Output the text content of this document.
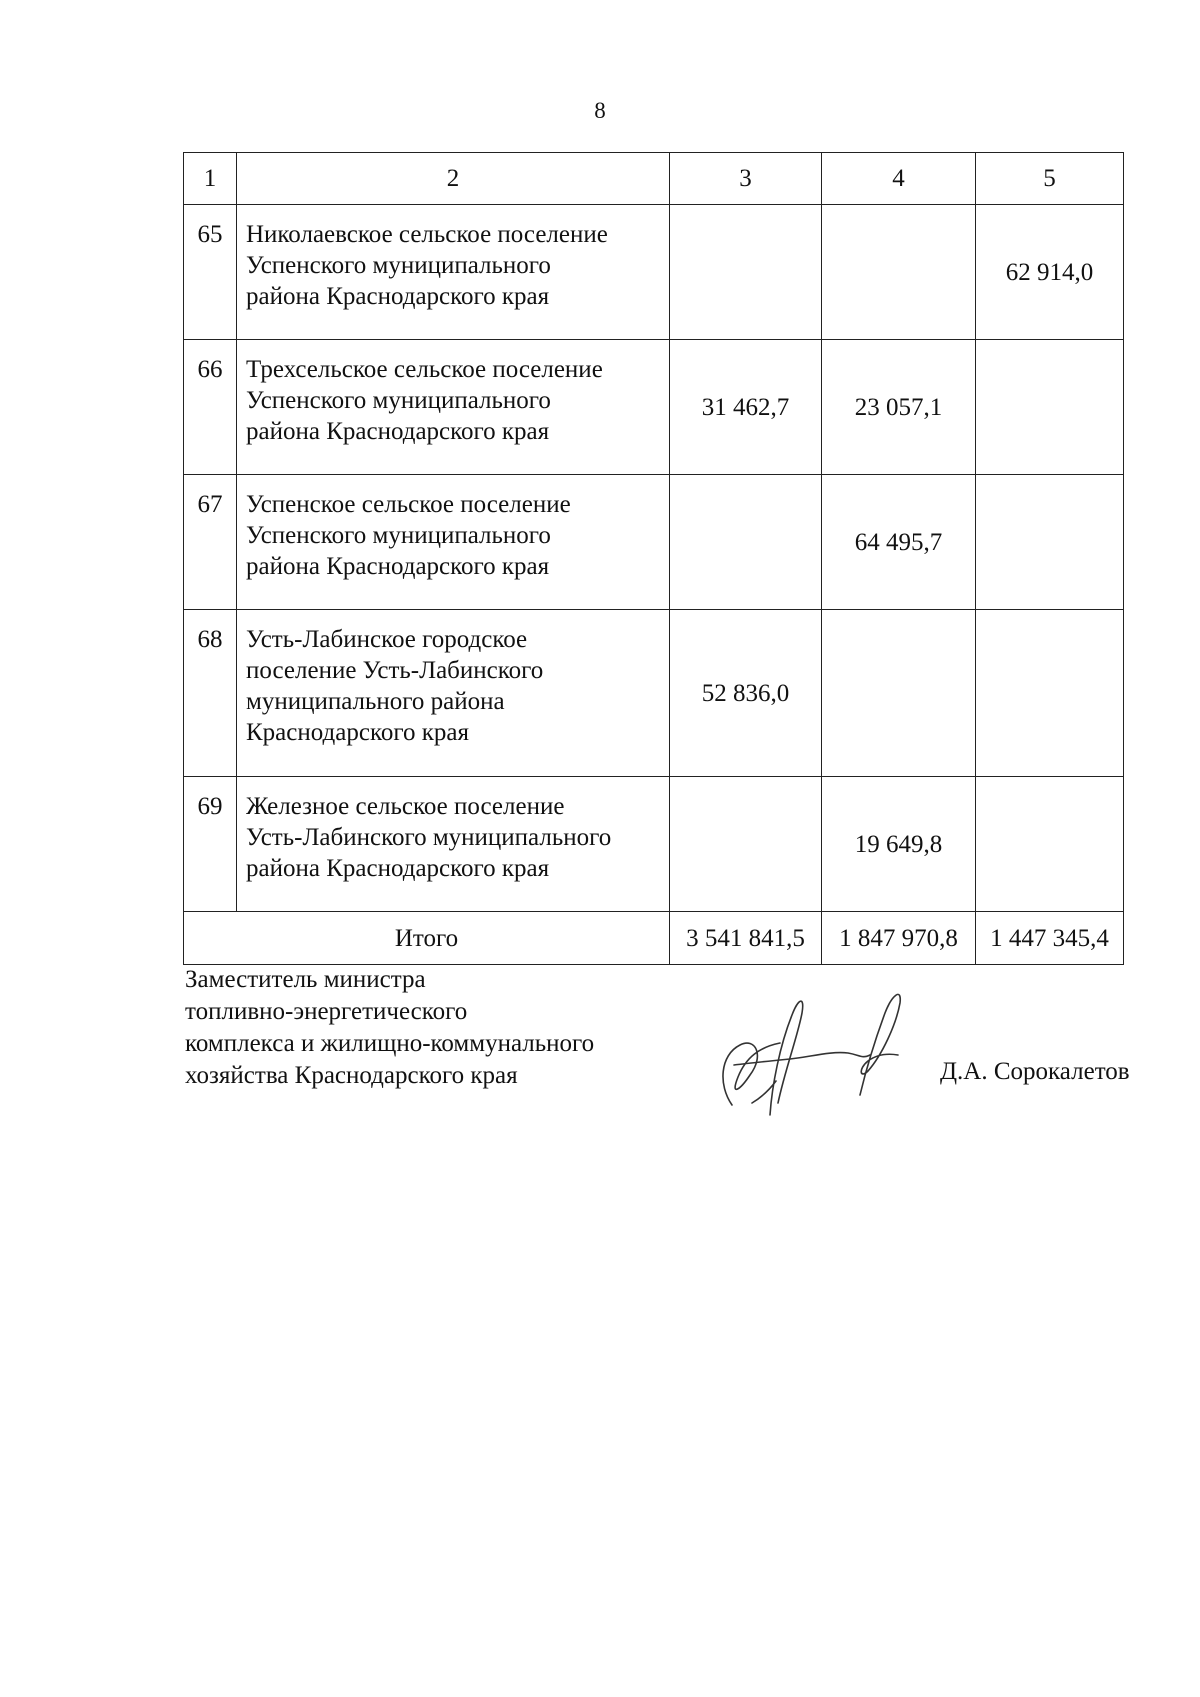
8
1	2	3	4	5
65	Николаевское сельское поселение
Успенского муниципального
района Краснодарского края			62 914,0
66	Трехсельское сельское поселение
Успенского муниципального
района Краснодарского края	31 462,7	23 057,1	
67	Успенское сельское поселение
Успенского муниципального
района Краснодарского края		64 495,7	
68	Усть-Лабинское городское
поселение Усть-Лабинского
муниципального района
Краснодарского края	52 836,0		
69	Железное сельское поселение
Усть-Лабинского муниципального
района Краснодарского края		19 649,8	
Итого		3 541 841,5	1 847 970,8	1 447 345,4
Заместитель министра
топливно-энергетического
комплекса и жилищно-коммунального
хозяйства Краснодарского края	Д.А. Сорокалетов
